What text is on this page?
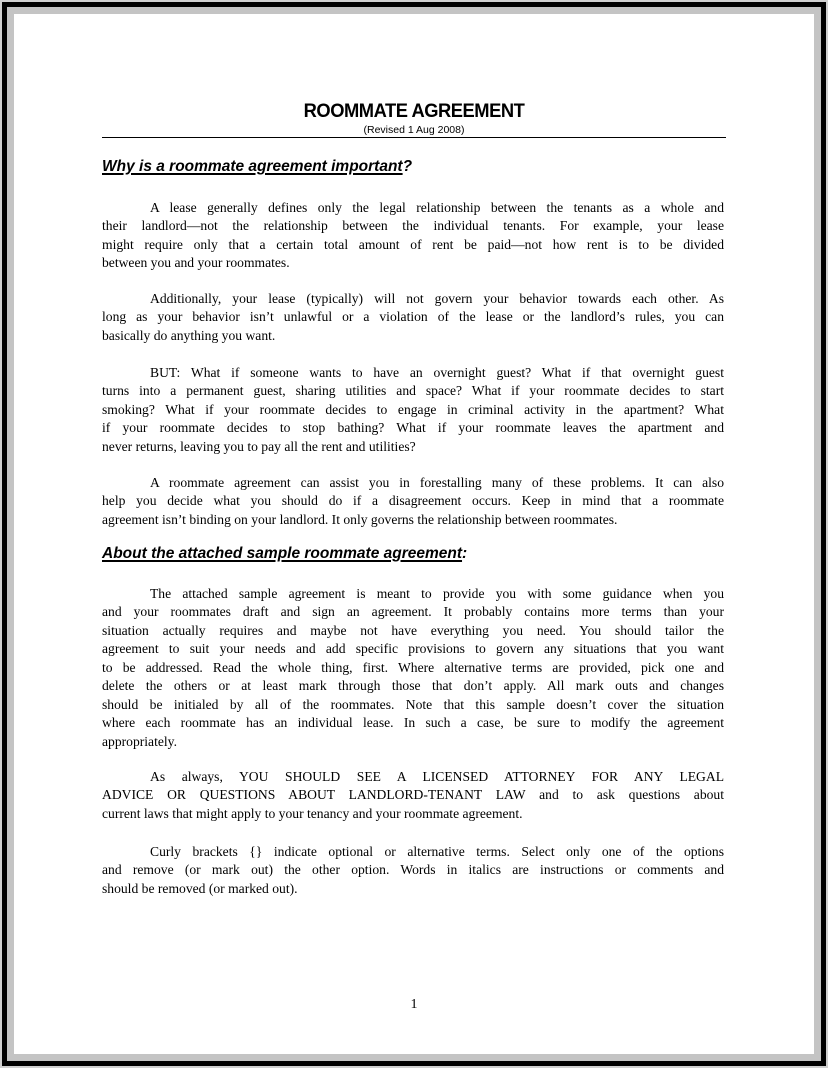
ROOMMATE AGREEMENT
(Revised 1 Aug 2008)
Why is a roommate agreement important?
A lease generally defines only the legal relationship between the tenants as a whole and
their landlord—not the relationship between the individual tenants. For example, your lease
might require only that a certain total amount of rent be paid—not how rent is to be divided
between you and your roommates.
Additionally, your lease (typically) will not govern your behavior towards each other. As
long as your behavior isn’t unlawful or a violation of the lease or the landlord’s rules, you can
basically do anything you want.
BUT: What if someone wants to have an overnight guest? What if that overnight guest
turns into a permanent guest, sharing utilities and space? What if your roommate decides to start
smoking? What if your roommate decides to engage in criminal activity in the apartment? What
if your roommate decides to stop bathing? What if your roommate leaves the apartment and
never returns, leaving you to pay all the rent and utilities?
A roommate agreement can assist you in forestalling many of these problems. It can also
help you decide what you should do if a disagreement occurs. Keep in mind that a roommate
agreement isn’t binding on your landlord. It only governs the relationship between roommates.
About the attached sample roommate agreement:
The attached sample agreement is meant to provide you with some guidance when you
and your roommates draft and sign an agreement. It probably contains more terms than your
situation actually requires and maybe not have everything you need. You should tailor the
agreement to suit your needs and add specific provisions to govern any situations that you want
to be addressed. Read the whole thing, first. Where alternative terms are provided, pick one and
delete the others or at least mark through those that don’t apply. All mark outs and changes
should be initialed by all of the roommates. Note that this sample doesn’t cover the situation
where each roommate has an individual lease. In such a case, be sure to modify the agreement
appropriately.
As always, YOU SHOULD SEE A LICENSED ATTORNEY FOR ANY LEGAL
ADVICE OR QUESTIONS ABOUT LANDLORD-TENANT LAW and to ask questions about
current laws that might apply to your tenancy and your roommate agreement.
Curly brackets {} indicate optional or alternative terms. Select only one of the options
and remove (or mark out) the other option. Words in italics are instructions or comments and
should be removed (or marked out).
1
